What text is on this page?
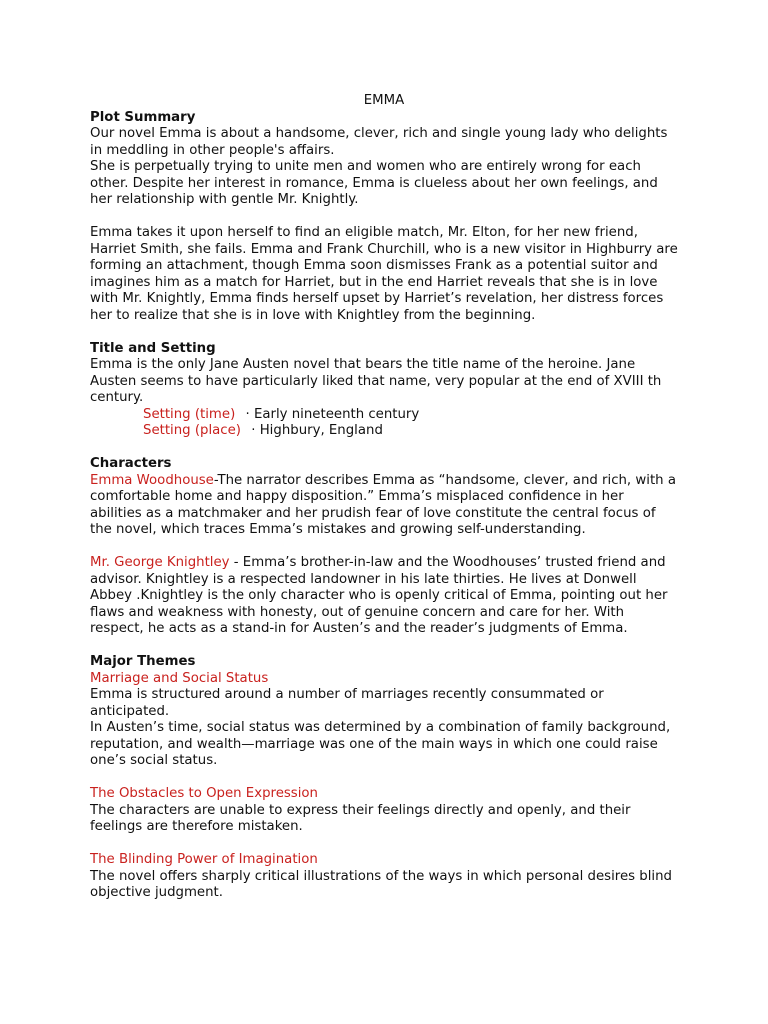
EMMA
Plot Summary

Our novel Emma is about a handsome, clever, rich and single young lady who delights in meddling in other people's affairs.

She is perpetually trying to unite men and women who are entirely wrong for each other. Despite her interest in romance, Emma is clueless about her own feelings, and her relationship with gentle Mr. Knightly.

Emma takes it upon herself to find an eligible match, Mr. Elton, for her new friend, Harriet Smith, she fails. Emma and Frank Churchill, who is a new visitor in Highburry are forming an attachment, though Emma soon dismisses Frank as a potential suitor and imagines him as a match for Harriet, but in the end Harriet reveals that she is in love with Mr. Knightly, Emma finds herself upset by Harriet’s revelation, her distress forces her to realize that she is in love with Knightley from the beginning.

Title and Setting

Emma is the only Jane Austen novel that bears the title name of the heroine. Jane Austen seems to have particularly liked that name, very popular at the end of XVIII th century.

Setting (time) · Early nineteenth century

Setting (place) · Highbury, England

Characters

Emma Woodhouse-The narrator describes Emma as “handsome, clever, and rich, with a comfortable home and happy disposition.” Emma’s misplaced confidence in her abilities as a matchmaker and her prudish fear of love constitute the central focus of the novel, which traces Emma’s mistakes and growing self-understanding.

Mr. George Knightley - Emma’s brother-in-law and the Woodhouses’ trusted friend and advisor. Knightley is a respected landowner in his late thirties. He lives at Donwell Abbey .Knightley is the only character who is openly critical of Emma, pointing out her flaws and weakness with honesty, out of genuine concern and care for her. With respect, he acts as a stand-in for Austen’s and the reader’s judgments of Emma.

Major Themes
Marriage and Social Status

Emma is structured around a number of marriages recently consummated or anticipated.

In Austen’s time, social status was determined by a combination of family background, reputation, and wealth—marriage was one of the main ways in which one could raise one’s social status.

The Obstacles to Open Expression

The characters are unable to express their feelings directly and openly, and their feelings are therefore mistaken.

The Blinding Power of Imagination

The novel offers sharply critical illustrations of the ways in which personal desires blind objective judgment.
